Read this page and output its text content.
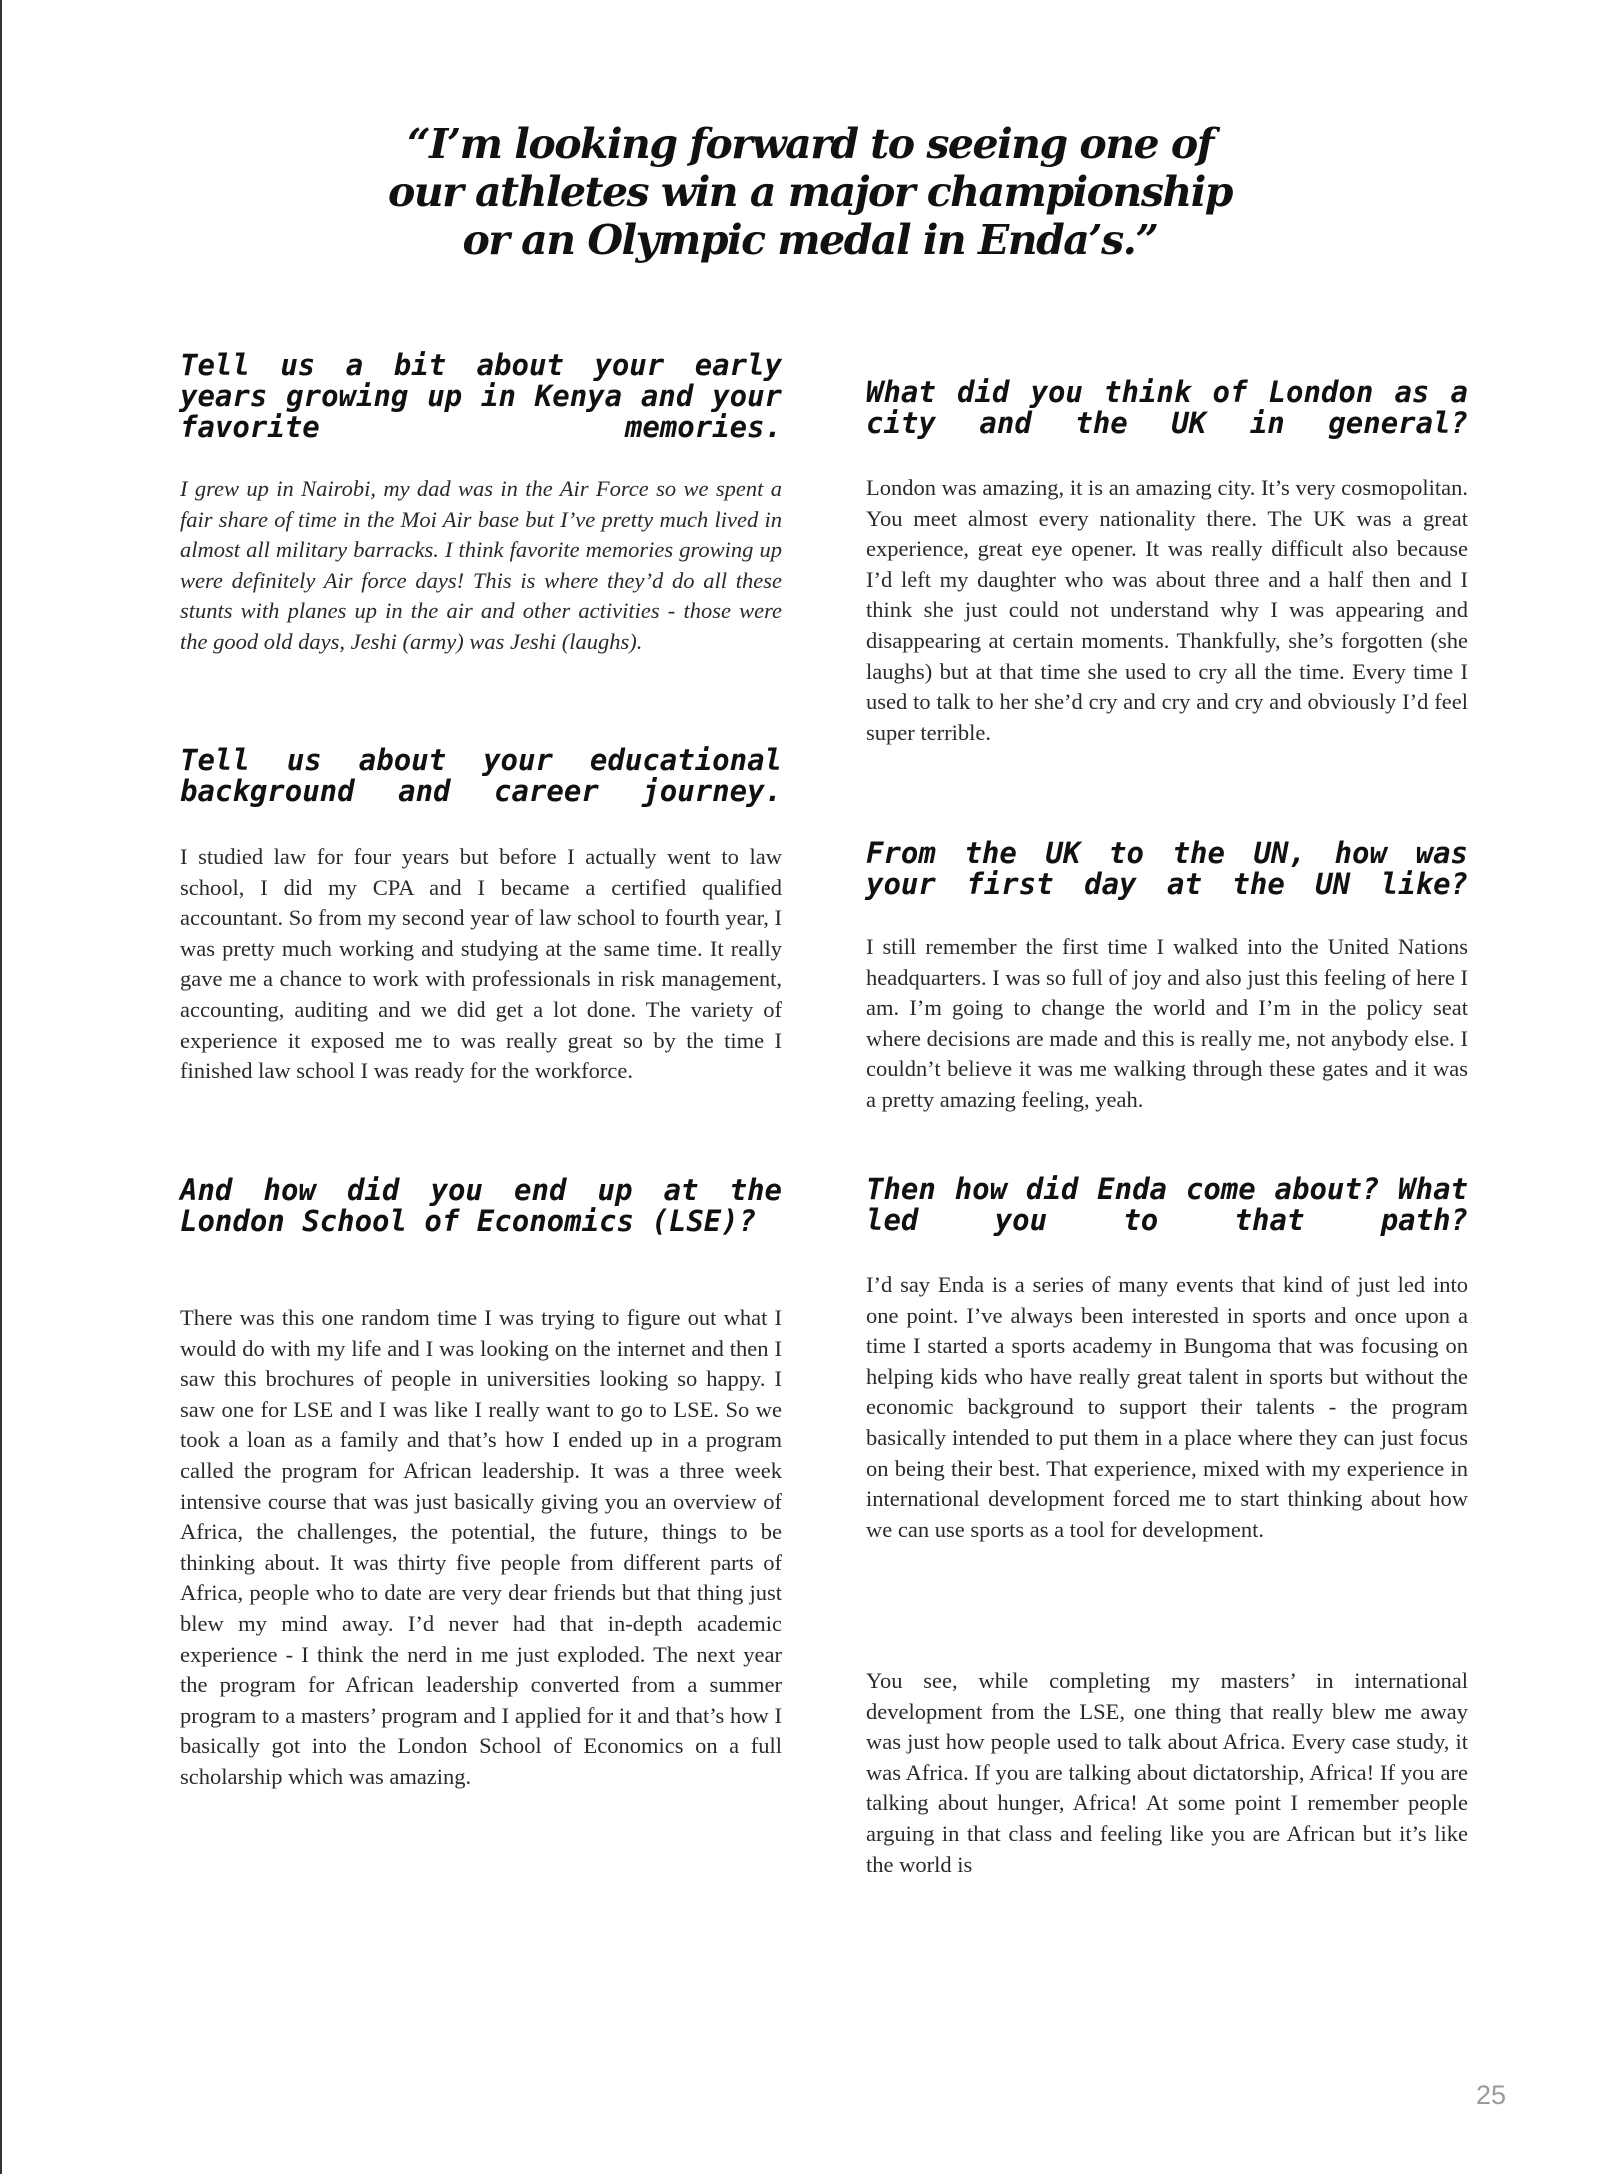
“I’m looking forward to seeing one of our athletes win a major championship or an Olympic medal in Enda’s.”

Tell us a bit about your early years growing up in Kenya and your favorite memories.

I grew up in Nairobi, my dad was in the Air Force so we spent a fair share of time in the Moi Air base but I’ve pretty much lived in almost all military barracks. I think favorite memories growing up were definitely Air force days! This is where they’d do all these stunts with planes up in the air and other activities - those were the good old days, Jeshi (army) was Jeshi (laughs).

Tell us about your educational background and career journey.

I studied law for four years but before I actually went to law school, I did my CPA and I became a certified qualified accountant. So from my second year of law school to fourth year, I was pretty much working and studying at the same time. It really gave me a chance to work with professionals in risk management, accounting, auditing and we did get a lot done. The variety of experience it exposed me to was really great so by the time I finished law school I was ready for the workforce.

And how did you end up at the London School of Economics (LSE)?

There was this one random time I was trying to figure out what I would do with my life and I was looking on the internet and then I saw this brochures of people in universities looking so happy. I saw one for LSE and I was like I really want to go to LSE. So we took a loan as a family and that’s how I ended up in a program called the program for African leadership. It was a three week intensive course that was just basically giving you an overview of Africa, the challenges, the potential, the future, things to be thinking about. It was thirty five people from different parts of Africa, people who to date are very dear friends but that thing just blew my mind away. I’d never had that in-depth academic experience - I think the nerd in me just exploded. The next year the program for African leadership converted from a summer program to a masters’ program and I applied for it and that’s how I basically got into the London School of Economics on a full scholarship which was amazing.

What did you think of London as a city and the UK in general?

London was amazing, it is an amazing city. It’s very cosmopolitan. You meet almost every nationality there. The UK was a great experience, great eye opener. It was really difficult also because I’d left my daughter who was about three and a half then and I think she just could not understand why I was appearing and disappearing at certain moments. Thankfully, she’s forgotten (she laughs) but at that time she used to cry all the time. Every time I used to talk to her she’d cry and cry and cry and obviously I’d feel super terrible.

From the UK to the UN, how was your first day at the UN like?

I still remember the first time I walked into the United Nations headquarters. I was so full of joy and also just this feeling of here I am. I’m going to change the world and I’m in the policy seat where decisions are made and this is really me, not anybody else. I couldn’t believe it was me walking through these gates and it was a pretty amazing feeling, yeah.

Then how did Enda come about? What led you to that path?

I’d say Enda is a series of many events that kind of just led into one point. I’ve always been interested in sports and once upon a time I started a sports academy in Bungoma that was focusing on helping kids who have really great talent in sports but without the economic background to support their talents - the program basically intended to put them in a place where they can just focus on being their best. That experience, mixed with my experience in international development forced me to start thinking about how we can use sports as a tool for development.

You see, while completing my masters’ in international development from the LSE, one thing that really blew me away was just how people used to talk about Africa. Every case study, it was Africa. If you are talking about dictatorship, Africa! If you are talking about hunger, Africa! At some point I remember people arguing in that class and feeling like you are African but it’s like the world is

25
